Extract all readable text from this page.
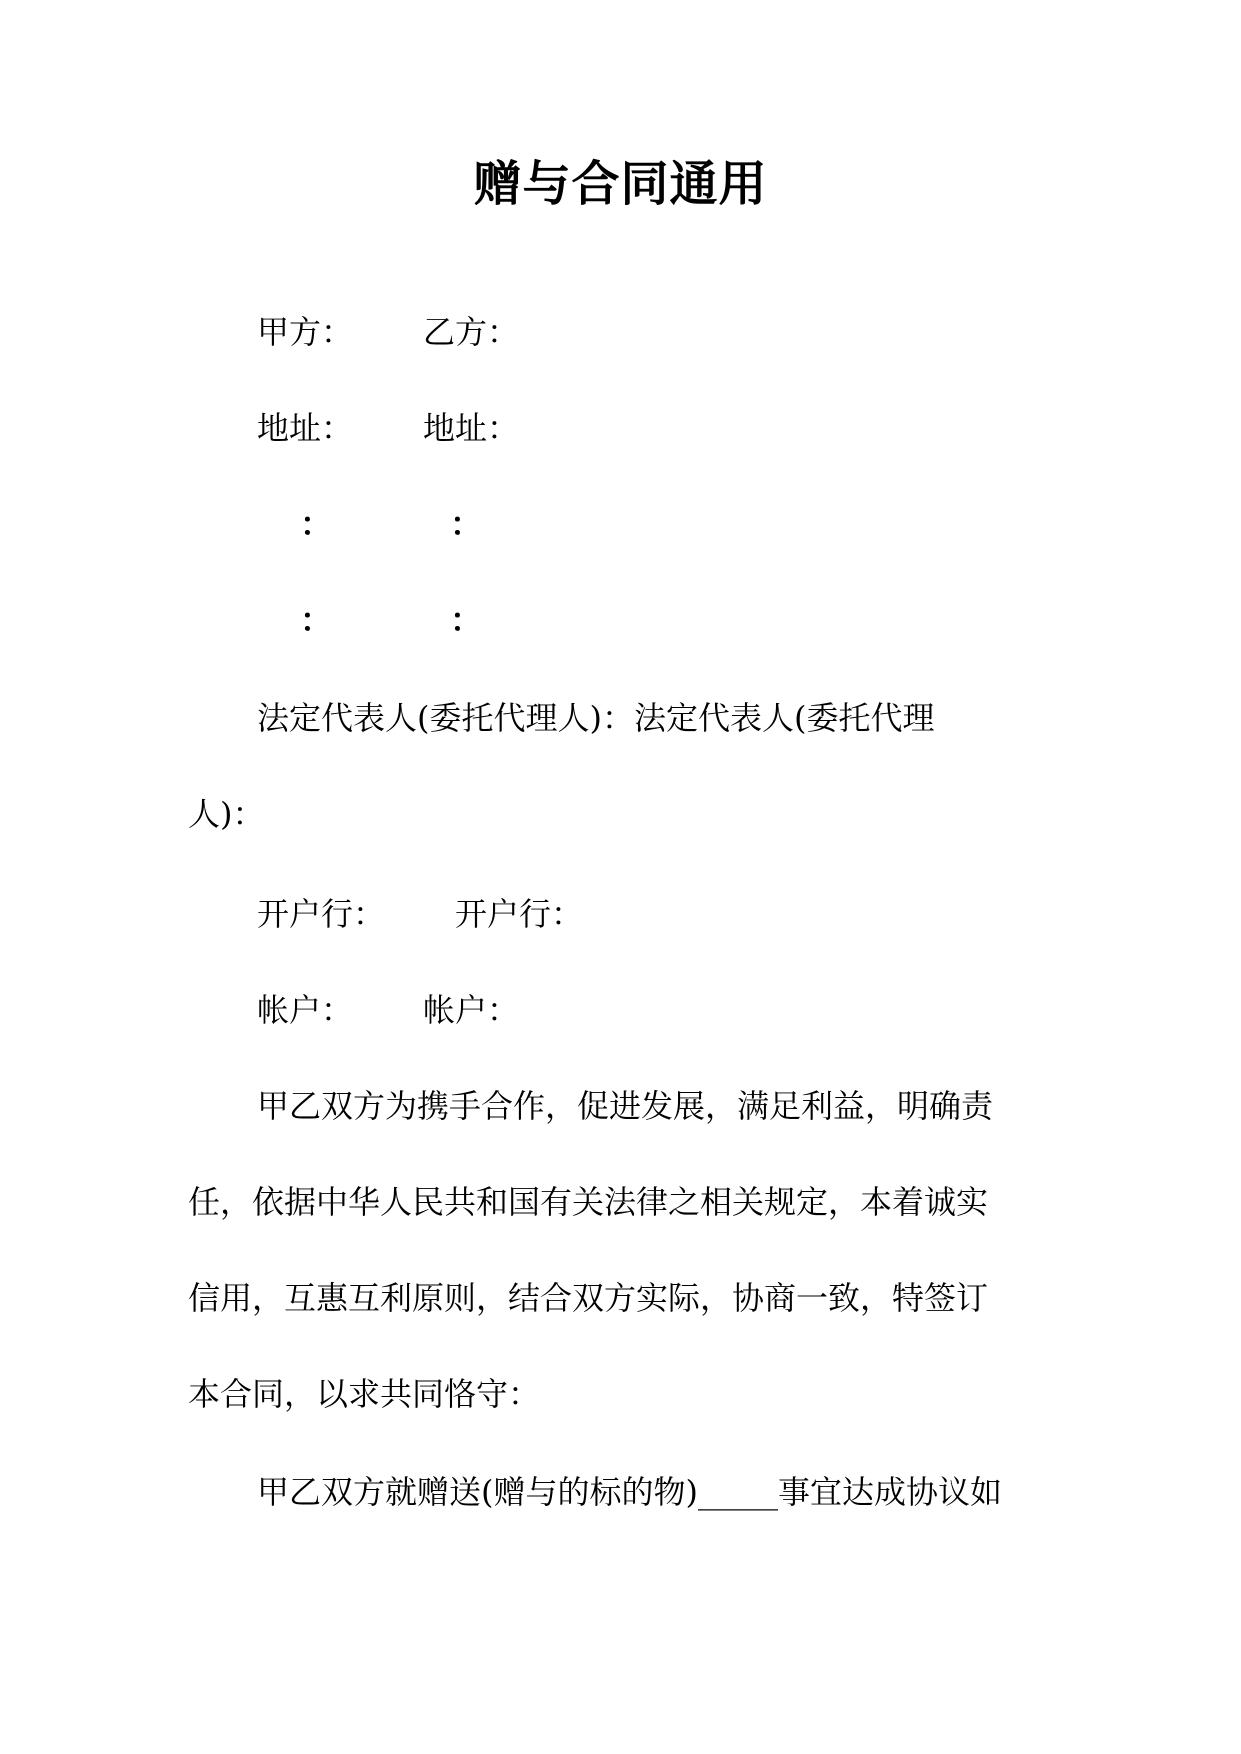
赠与合同通用
甲方： 乙方：
地址： 地址：
：	：
：	：
法定代表人(委托代理人)：法定代表人(委托代理
人)：
开户行： 开户行：
帐户： 帐户：
甲乙双方为携手合作，促进发展，满足利益，明确责
任，依据中华人民共和国有关法律之相关规定，本着诚实
信用，互惠互利原则，结合双方实际，协商一致，特签订
本合同，以求共同恪守：
甲乙双方就赠送(赠与的标的物)_____事宜达成协议如
